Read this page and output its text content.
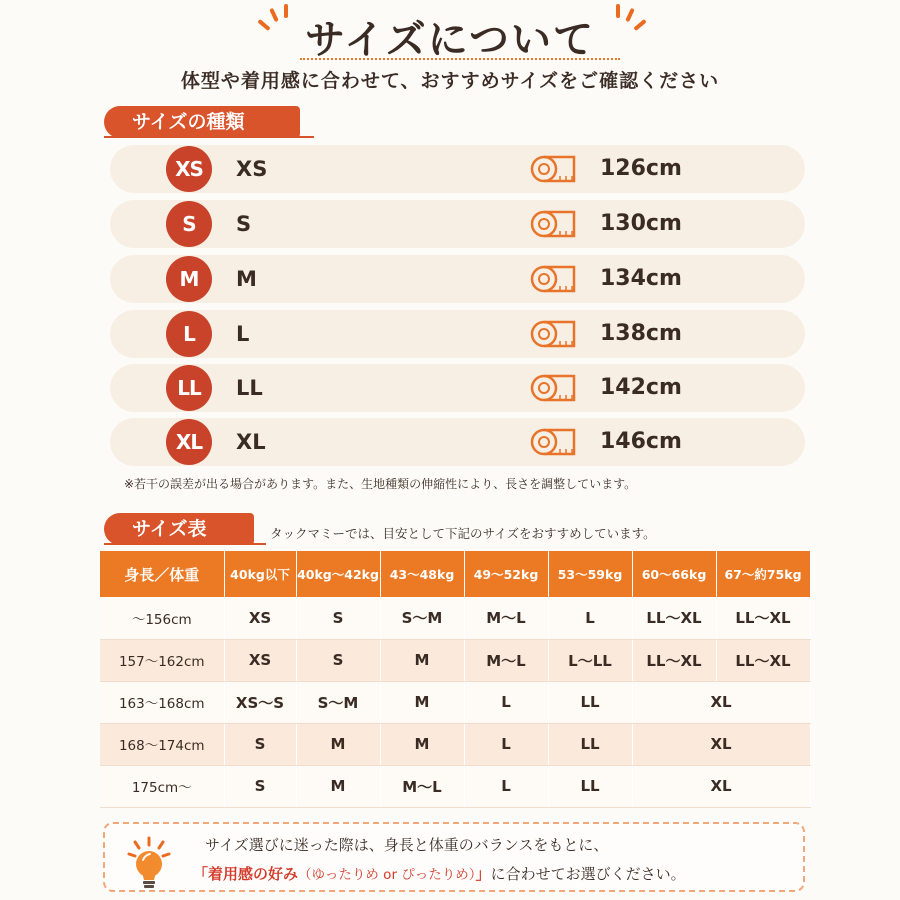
サイズについて
体型や着用感に合わせて、おすすめサイズをご確認ください
サイズの種類
XS	XS	126cm
S	S	130cm
M	M	134cm
L	L	138cm
LL	LL	142cm
XL	XL	146cm
※若干の誤差が出る場合があります。また、生地種類の伸縮性により、長さを調整しています。
サイズ表	タックマミーでは、目安として下記のサイズをおすすめしています。
身長／体重	40kg以下	40kg～42kg	43～48kg	49～52kg	53～59kg	60～66kg	67～約75kg
～156cm	XS	S	S～M	M～L	L	LL～XL	LL～XL
157～162cm	XS	S	M	M～L	L～LL	LL～XL	LL～XL
163～168cm	XS～S	S～M	M	L	LL	XL	
168～174cm	S	M	M	L	LL	XL	
175cm～	S	M	M～L	L	LL	XL	
サイズ選びに迷った際は、身長と体重のバランスをもとに、
「着用感の好み（ゆったりめ or ぴったりめ）」に合わせてお選びください。
